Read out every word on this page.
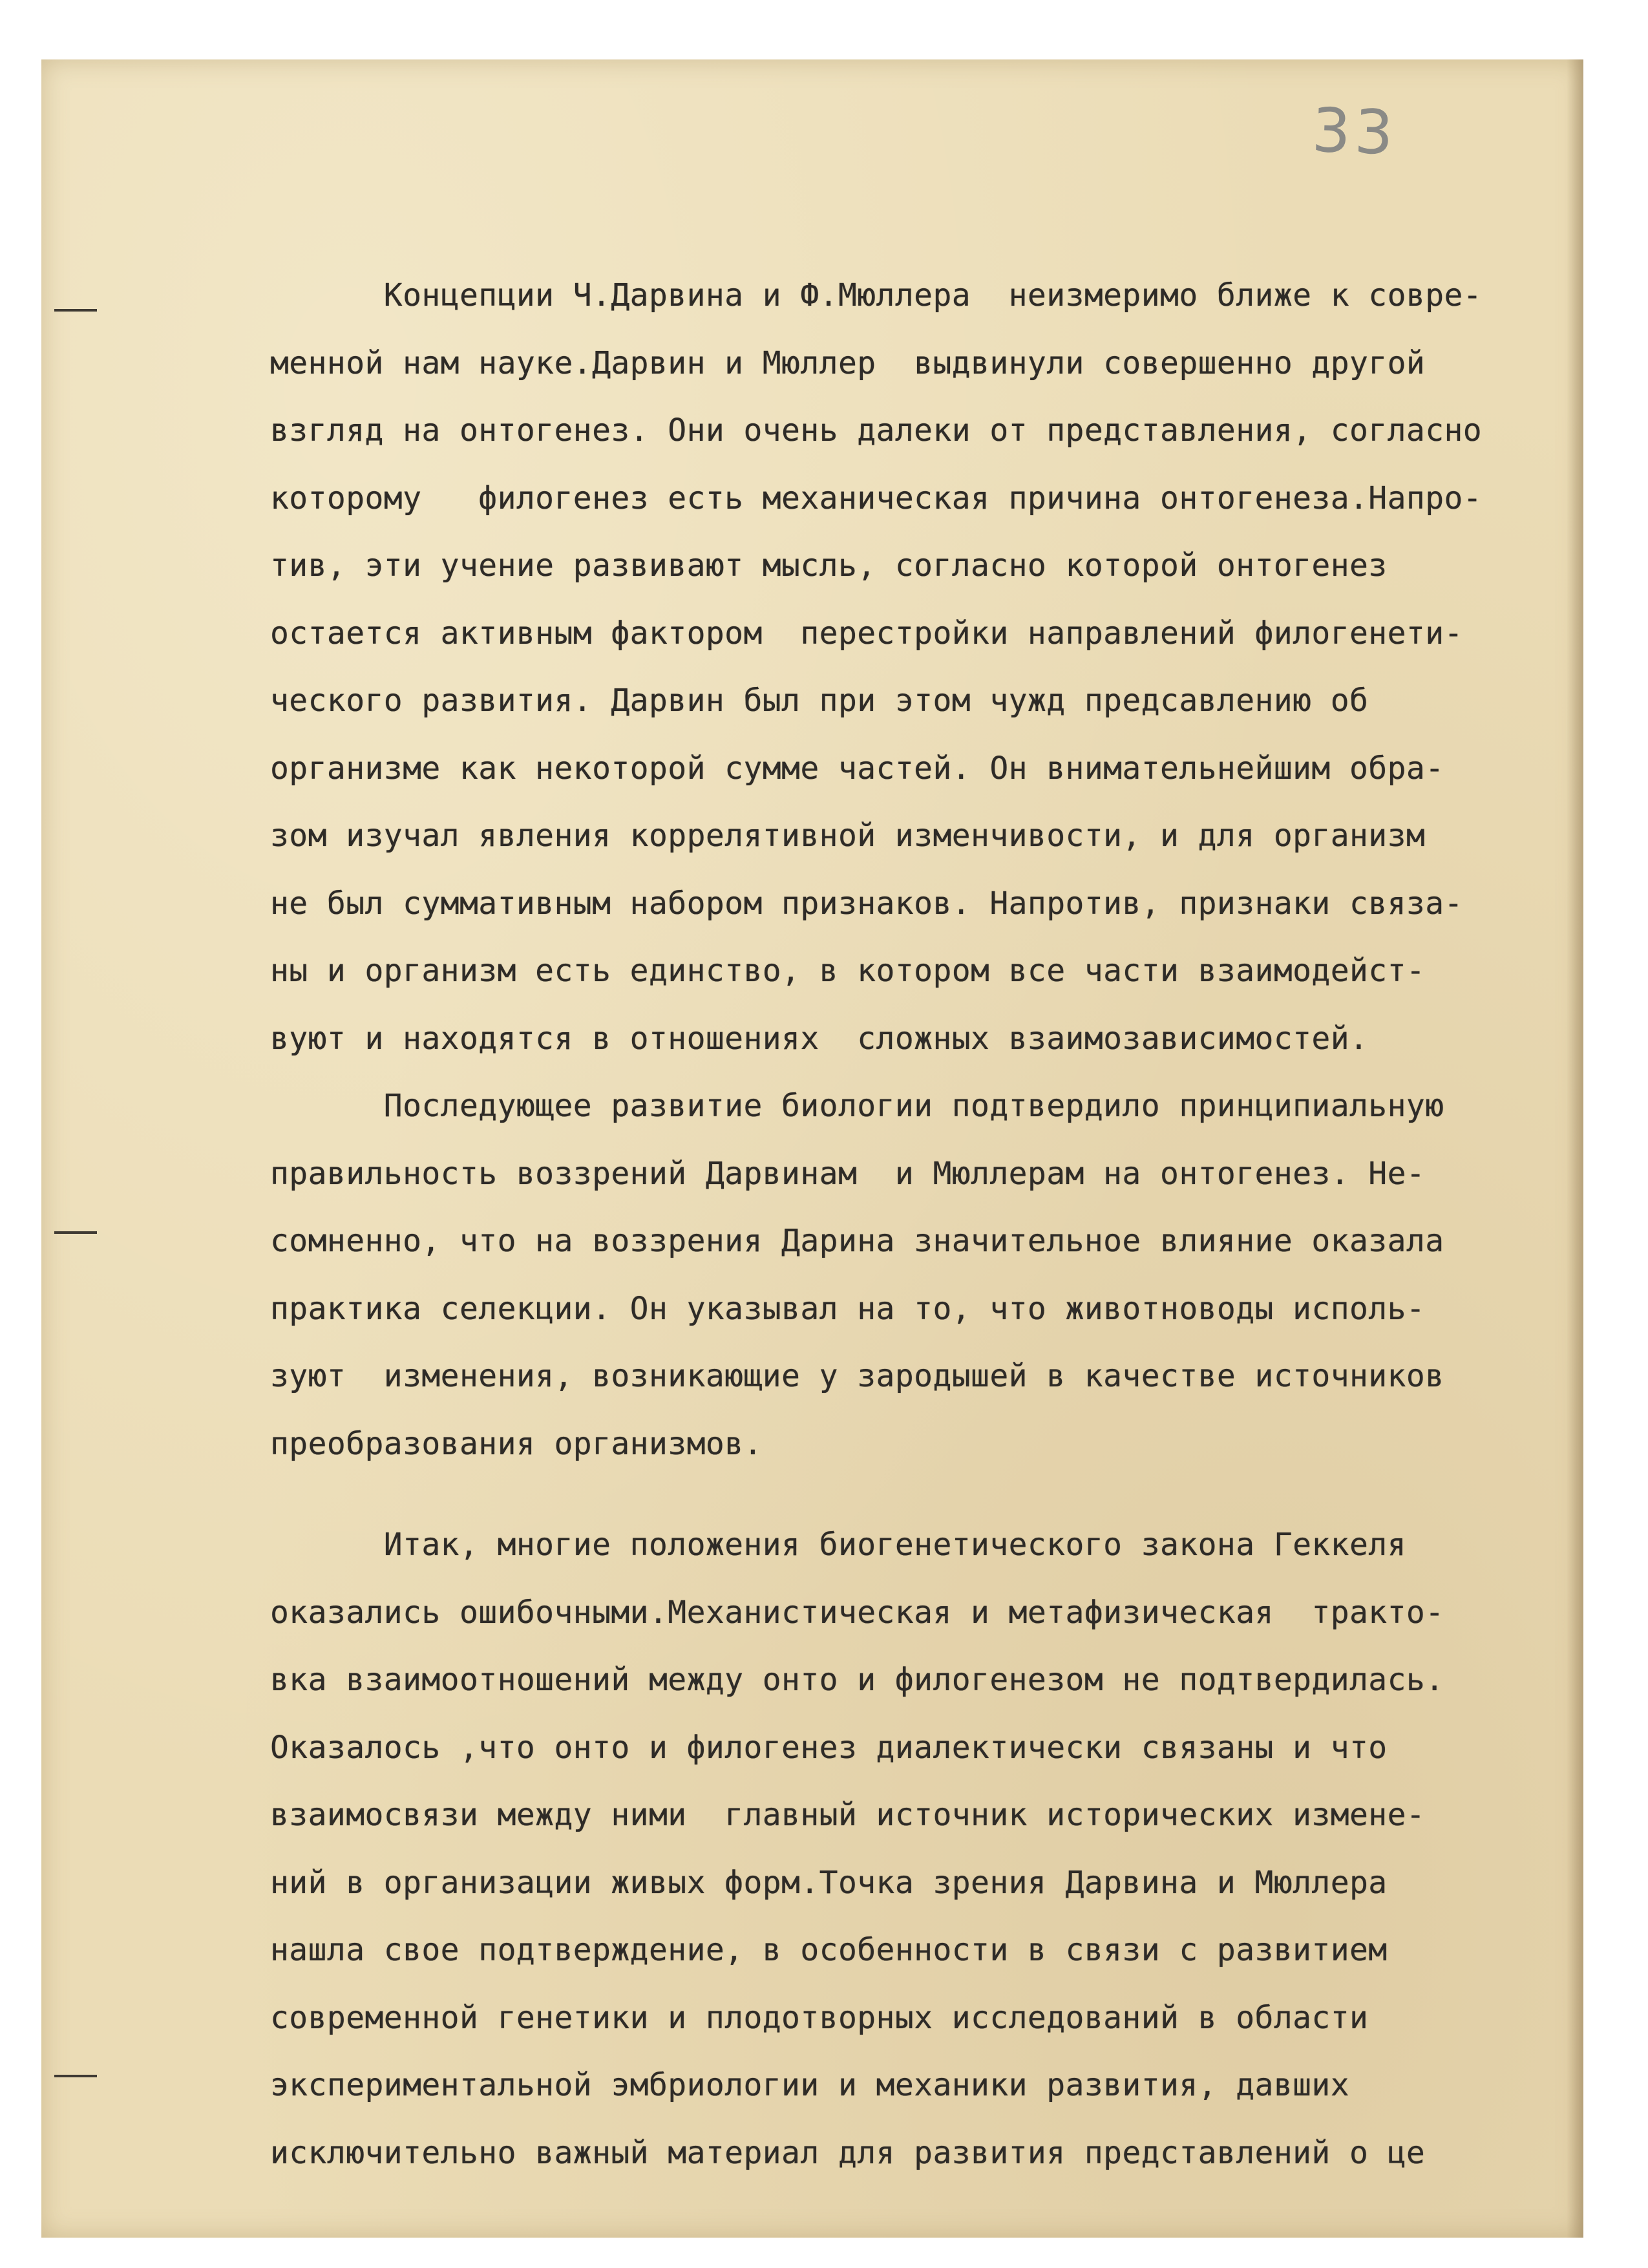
33
Концепции Ч.Дарвина и Ф.Мюллера  неизмеримо ближе к совре-
менной нам науке.Дарвин и Мюллер  выдвинули совершенно другой
взгляд на онтогенез. Они очень далеки от представления, согласно
которому   филогенез есть механическая причина онтогенеза.Напро-
тив, эти учение развивают мысль, согласно которой онтогенез
остается активным фактором  перестройки направлений филогенети-
ческого развития. Дарвин был при этом чужд предсавлению об
организме как некоторой сумме частей. Он внимательнейшим обра-
зом изучал явления коррелятивной изменчивости, и для организм
не был суммативным набором признаков. Напротив, признаки связа-
ны и организм есть единство, в котором все части взаимодейст-
вуют и находятся в отношениях  сложных взаимозависимостей.
Последующее развитие биологии подтвердило принципиальную
правильность воззрений Дарвинам  и Мюллерам на онтогенез. Не-
сомненно, что на воззрения Дарина значительное влияние оказала
практика селекции. Он указывал на то, что животноводы исполь-
зуют  изменения, возникающие у зародышей в качестве источников
преобразования организмов.
Итак, многие положения биогенетического закона Геккеля
оказались ошибочными.Механистическая и метафизическая  тракто-
вка взаимоотношений между онто и филогенезом не подтвердилась.
Оказалось ,что онто и филогенез диалектически связаны и что
взаимосвязи между ними  главный источник исторических измене-
ний в организации живых форм.Точка зрения Дарвина и Мюллера
нашла свое подтверждение, в особенности в связи с развитием
современной генетики и плодотворных исследований в области
экспериментальной эмбриологии и механики развития, давших
исключительно важный материал для развития представлений о це
